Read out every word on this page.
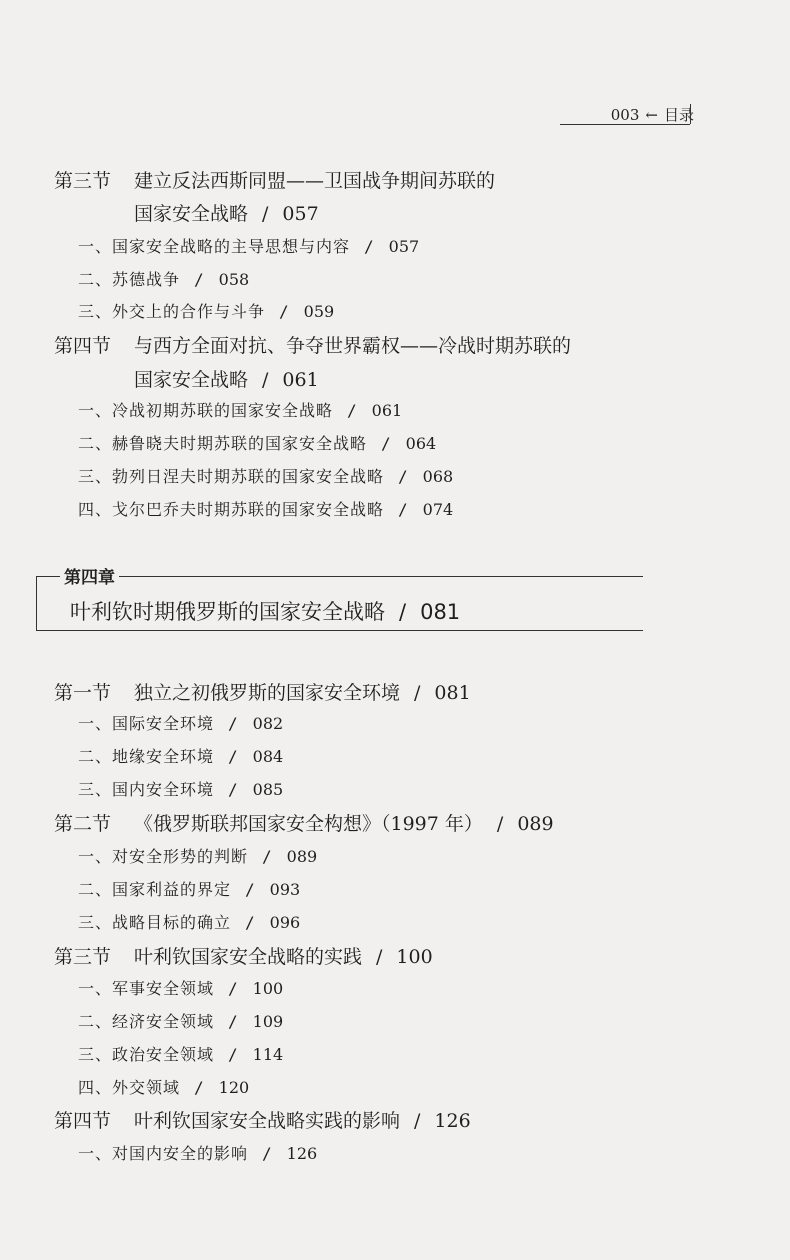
003 ← 目录
第三节 建立反法西斯同盟——卫国战争期间苏联的
国家安全战略 / 057
一、国家安全战略的主导思想与内容 / 057
二、苏德战争 / 058
三、外交上的合作与斗争 / 059
第四节 与西方全面对抗、争夺世界霸权——冷战时期苏联的
国家安全战略 / 061
一、冷战初期苏联的国家安全战略 / 061
二、赫鲁晓夫时期苏联的国家安全战略 / 064
三、勃列日涅夫时期苏联的国家安全战略 / 068
四、戈尔巴乔夫时期苏联的国家安全战略 / 074
第四章
叶利钦时期俄罗斯的国家安全战略 / 081
第一节 独立之初俄罗斯的国家安全环境 / 081
一、国际安全环境 / 082
二、地缘安全环境 / 084
三、国内安全环境 / 085
第二节 《俄罗斯联邦国家安全构想》（1997 年） / 089
一、对安全形势的判断 / 089
二、国家利益的界定 / 093
三、战略目标的确立 / 096
第三节 叶利钦国家安全战略的实践 / 100
一、军事安全领域 / 100
二、经济安全领域 / 109
三、政治安全领域 / 114
四、外交领域 / 120
第四节 叶利钦国家安全战略实践的影响 / 126
一、对国内安全的影响 / 126
